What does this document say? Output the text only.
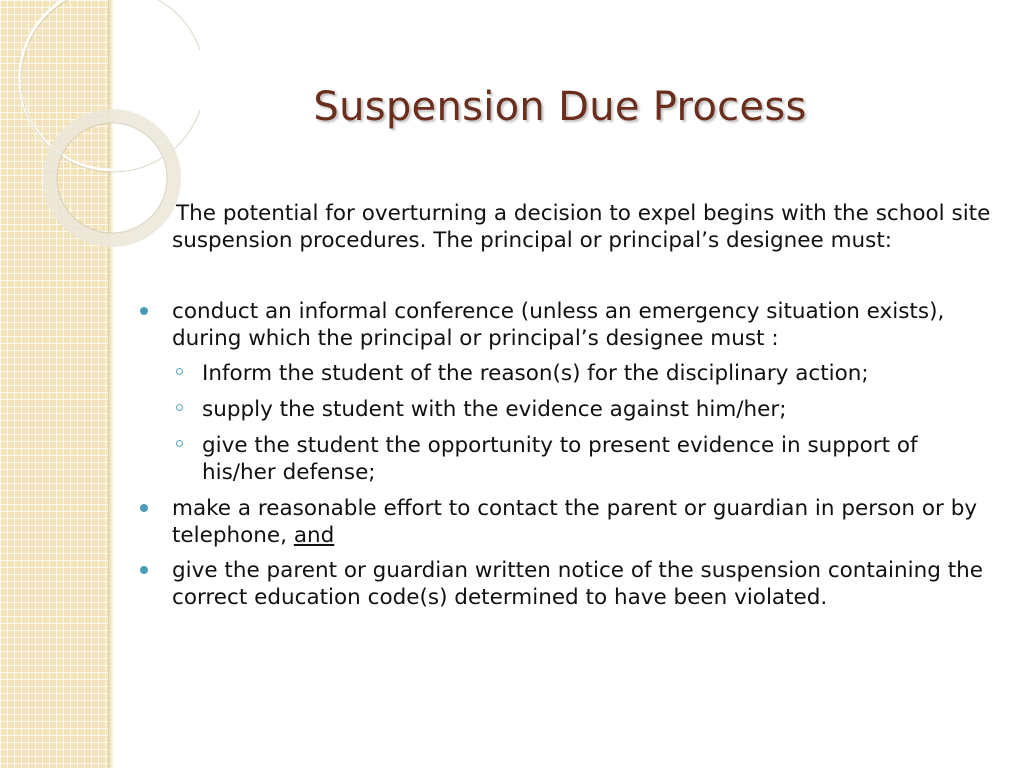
Suspension Due Process

The potential for overturning a decision to expel begins with the school site suspension procedures. The principal or principal’s designee must:

conduct an informal conference (unless an emergency situation exists), during which the principal or principal’s designee must :
Inform the student of the reason(s) for the disciplinary action;
supply the student with the evidence against him/her;
give the student the opportunity to present evidence in support of his/her defense;
make a reasonable effort to contact the parent or guardian in person or by telephone, and
give the parent or guardian written notice of the suspension containing the correct education code(s) determined to have been violated.
